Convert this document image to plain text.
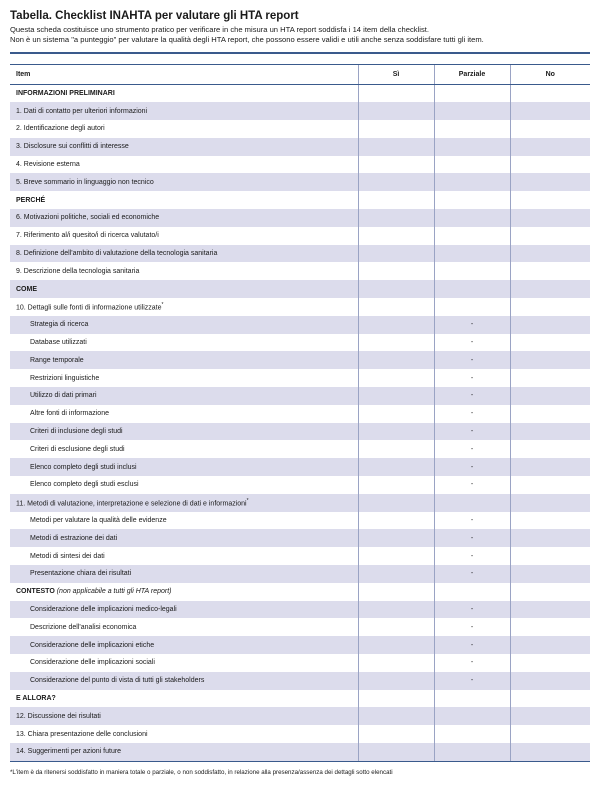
Tabella. Checklist INAHTA per valutare gli HTA report
Questa scheda costituisce uno strumento pratico per verificare in che misura un HTA report soddisfa i 14 item della checklist.
Non è un sistema "a punteggio" per valutare la qualità degli HTA report, che possono essere validi e utili anche senza soddisfare tutti gli item.
Item	Sì	Parziale	No
INFORMAZIONI PRELIMINARI			
1. Dati di contatto per ulteriori informazioni			
2. Identificazione degli autori			
3. Disclosure sui conflitti di interesse			
4. Revisione esterna			
5. Breve sommario in linguaggio non tecnico			
PERCHÉ			
6. Motivazioni politiche, sociali ed economiche			
7. Riferimento al/i quesito/i di ricerca valutato/i			
8. Definizione dell'ambito di valutazione della tecnologia sanitaria			
9. Descrizione della tecnologia sanitaria			
COME			
10. Dettagli sulle fonti di informazione utilizzate*			
Strategia di ricerca		-	
Database utilizzati		-	
Range temporale		-	
Restrizioni linguistiche		-	
Utilizzo di dati primari		-	
Altre fonti di informazione		-	
Criteri di inclusione degli studi		-	
Criteri di esclusione degli studi		-	
Elenco completo degli studi inclusi		-	
Elenco completo degli studi esclusi		-	
11. Metodi di valutazione, interpretazione e selezione di dati e informazioni*			
Metodi per valutare la qualità delle evidenze		-	
Metodi di estrazione dei dati		-	
Metodi di sintesi dei dati		-	
Presentazione chiara dei risultati		-	
CONTESTO (non applicabile a tutti gli HTA report)			
Considerazione delle implicazioni medico-legali		-	
Descrizione dell'analisi economica		-	
Considerazione delle implicazioni etiche		-	
Considerazione delle implicazioni sociali		-	
Considerazione del punto di vista di tutti gli stakeholders		-	
E ALLORA?			
12. Discussione dei risultati			
13. Chiara presentazione delle conclusioni			
14. Suggerimenti per azioni future			
*L'item è da ritenersi soddisfatto in maniera totale o parziale, o non soddisfatto, in relazione alla presenza/assenza dei dettagli sotto elencati
